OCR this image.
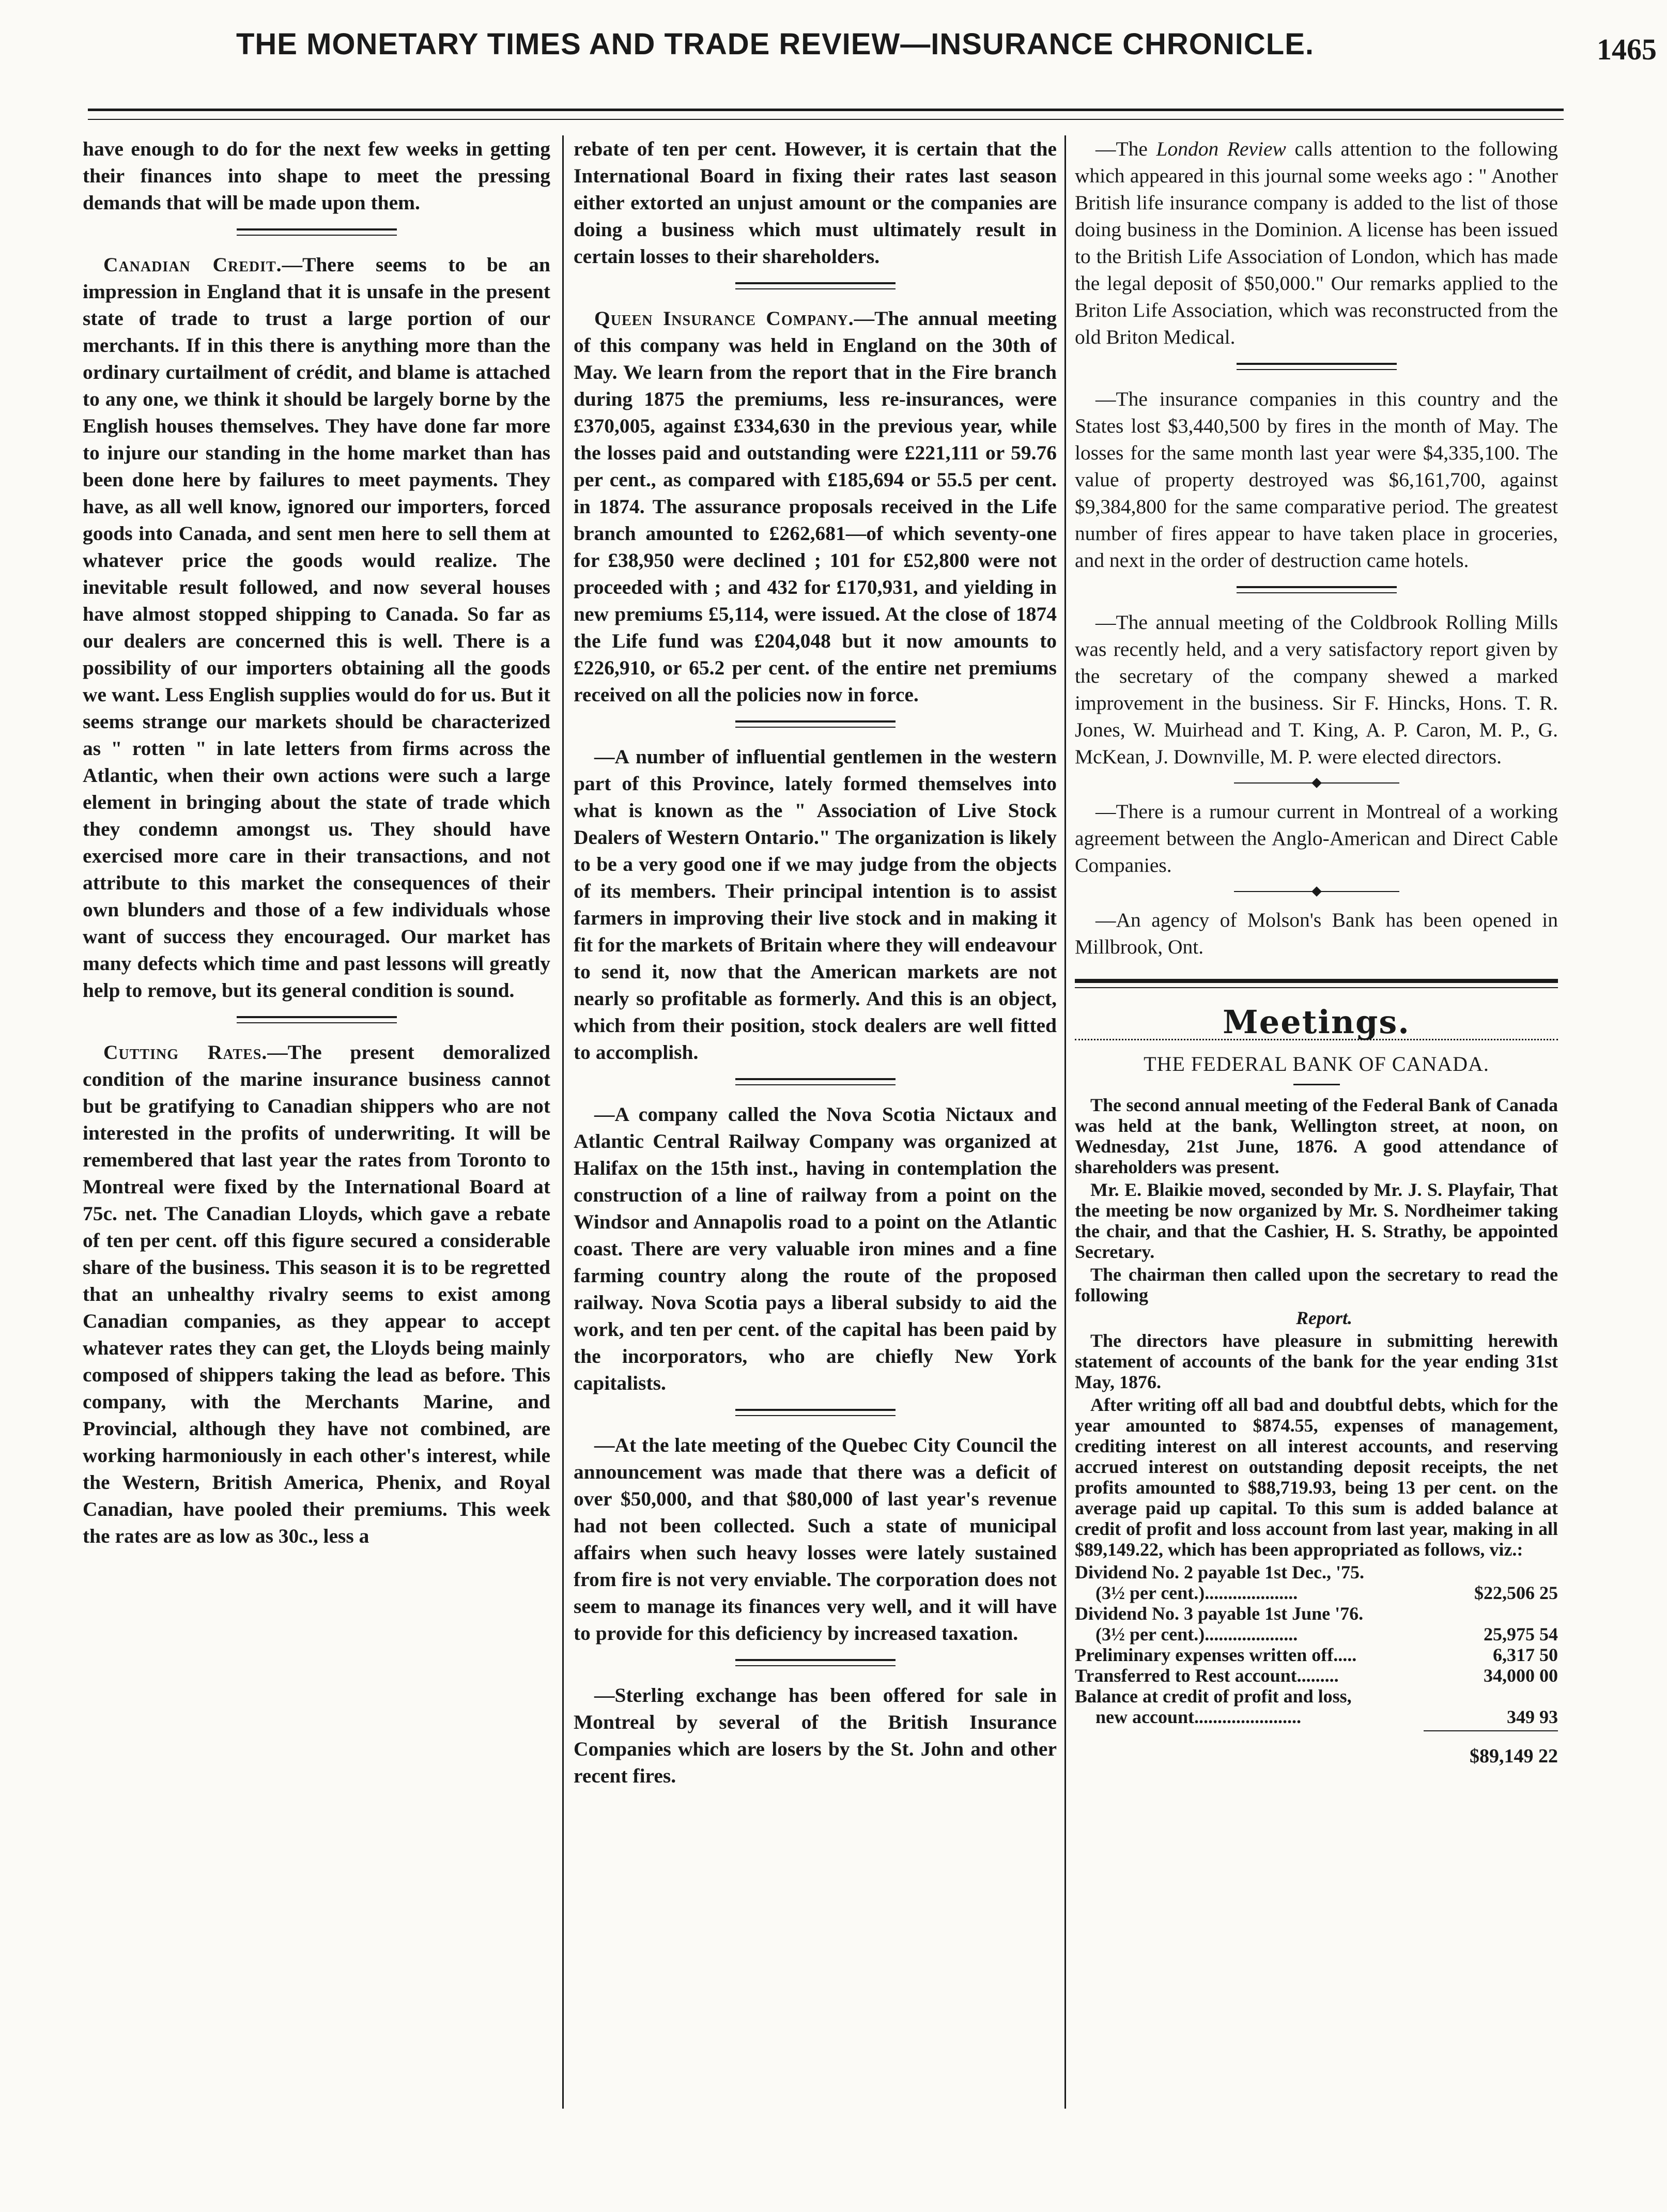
THE MONETARY TIMES AND TRADE REVIEW—INSURANCE CHRONICLE.	1465

have enough to do for the next few weeks in getting their finances into shape to meet the pressing demands that will be made upon them.

Canadian Credit.—There seems to be an impression in England that it is unsafe in the present state of trade to trust a large portion of our merchants. If in this there is anything more than the ordinary curtailment of crédit, and blame is attached to any one, we think it should be largely borne by the English houses themselves. They have done far more to injure our standing in the home market than has been done here by failures to meet payments. They have, as all well know, ignored our importers, forced goods into Canada, and sent men here to sell them at whatever price the goods would realize. The inevitable result followed, and now several houses have almost stopped shipping to Canada. So far as our dealers are concerned this is well. There is a possibility of our importers obtaining all the goods we want. Less English supplies would do for us. But it seems strange our markets should be characterized as " rotten " in late letters from firms across the Atlantic, when their own actions were such a large element in bringing about the state of trade which they condemn amongst us. They should have exercised more care in their transactions, and not attribute to this market the consequences of their own blunders and those of a few individuals whose want of success they encouraged. Our market has many defects which time and past lessons will greatly help to remove, but its general condition is sound.

Cutting Rates.—The present demoralized condition of the marine insurance business cannot but be gratifying to Canadian shippers who are not interested in the profits of underwriting. It will be remembered that last year the rates from Toronto to Montreal were fixed by the International Board at 75c. net. The Canadian Lloyds, which gave a rebate of ten per cent. off this figure secured a considerable share of the business. This season it is to be regretted that an unhealthy rivalry seems to exist among Canadian companies, as they appear to accept whatever rates they can get, the Lloyds being mainly composed of shippers taking the lead as before. This company, with the Merchants Marine, and Provincial, although they have not combined, are working harmoniously in each other's interest, while the Western, British America, Phenix, and Royal Canadian, have pooled their premiums. This week the rates are as low as 30c., less a

rebate of ten per cent. However, it is certain that the International Board in fixing their rates last season either extorted an unjust amount or the companies are doing a business which must ultimately result in certain losses to their shareholders.

Queen Insurance Company.—The annual meeting of this company was held in England on the 30th of May. We learn from the report that in the Fire branch during 1875 the premiums, less re-insurances, were £370,005, against £334,630 in the previous year, while the losses paid and outstanding were £221,111 or 59.76 per cent., as compared with £185,694 or 55.5 per cent. in 1874. The assurance proposals received in the Life branch amounted to £262,681—of which seventy-one for £38,950 were declined ; 101 for £52,800 were not proceeded with ; and 432 for £170,931, and yielding in new premiums £5,114, were issued. At the close of 1874 the Life fund was £204,048 but it now amounts to £226,910, or 65.2 per cent. of the entire net premiums received on all the policies now in force.

—A number of influential gentlemen in the western part of this Province, lately formed themselves into what is known as the " Association of Live Stock Dealers of Western Ontario." The organization is likely to be a very good one if we may judge from the objects of its members. Their principal intention is to assist farmers in improving their live stock and in making it fit for the markets of Britain where they will endeavour to send it, now that the American markets are not nearly so profitable as formerly. And this is an object, which from their position, stock dealers are well fitted to accomplish.

—A company called the Nova Scotia Nictaux and Atlantic Central Railway Company was organized at Halifax on the 15th inst., having in contemplation the construction of a line of railway from a point on the Windsor and Annapolis road to a point on the Atlantic coast. There are very valuable iron mines and a fine farming country along the route of the proposed railway. Nova Scotia pays a liberal subsidy to aid the work, and ten per cent. of the capital has been paid by the incorporators, who are chiefly New York capitalists.

—At the late meeting of the Quebec City Council the announcement was made that there was a deficit of over $50,000, and that $80,000 of last year's revenue had not been collected. Such a state of municipal affairs when such heavy losses were lately sustained from fire is not very enviable. The corporation does not seem to manage its finances very well, and it will have to provide for this deficiency by increased taxation.

—Sterling exchange has been offered for sale in Montreal by several of the British Insurance Companies which are losers by the St. John and other recent fires.

—The London Review calls attention to the following which appeared in this journal some weeks ago : " Another British life insurance company is added to the list of those doing business in the Dominion. A license has been issued to the British Life Association of London, which has made the legal deposit of $50,000." Our remarks applied to the Briton Life Association, which was reconstructed from the old Briton Medical.

—The insurance companies in this country and the States lost $3,440,500 by fires in the month of May. The losses for the same month last year were $4,335,100. The value of property destroyed was $6,161,700, against $9,384,800 for the same comparative period. The greatest number of fires appear to have taken place in groceries, and next in the order of destruction came hotels.

—The annual meeting of the Coldbrook Rolling Mills was recently held, and a very satisfactory report given by the secretary of the company shewed a marked improvement in the business. Sir F. Hincks, Hons. T. R. Jones, W. Muirhead and T. King, A. P. Caron, M. P., G. McKean, J. Downville, M. P. were elected directors.

—There is a rumour current in Montreal of a working agreement between the Anglo-American and Direct Cable Companies.

—An agency of Molson's Bank has been opened in Millbrook, Ont.

Meetings.
THE FEDERAL BANK OF CANADA.

The second annual meeting of the Federal Bank of Canada was held at the bank, Wellington street, at noon, on Wednesday, 21st June, 1876. A good attendance of shareholders was present.

Mr. E. Blaikie moved, seconded by Mr. J. S. Playfair, That the meeting be now organized by Mr. S. Nordheimer taking the chair, and that the Cashier, H. S. Strathy, be appointed Secretary.

The chairman then called upon the secretary to read the following

Report.

The directors have pleasure in submitting herewith statement of accounts of the bank for the year ending 31st May, 1876.

After writing off all bad and doubtful debts, which for the year amounted to $874.55, expenses of management, crediting interest on all interest accounts, and reserving accrued interest on outstanding deposit receipts, the net profits amounted to $88,719.93, being 13 per cent. on the average paid up capital. To this sum is added balance at credit of profit and loss account from last year, making in all $89,149.22, which has been appropriated as follows, viz.:

Dividend No. 2 payable 1st Dec., '75.
(3½ per cent.)....................	$22,506 25
Dividend No. 3 payable 1st June '76.
(3½ per cent.)....................	25,975 54
Preliminary expenses written off.....	6,317 50
Transferred to Rest account.........	34,000 00
Balance at credit of profit and loss,
new account.......................	349 93
$89,149 22
